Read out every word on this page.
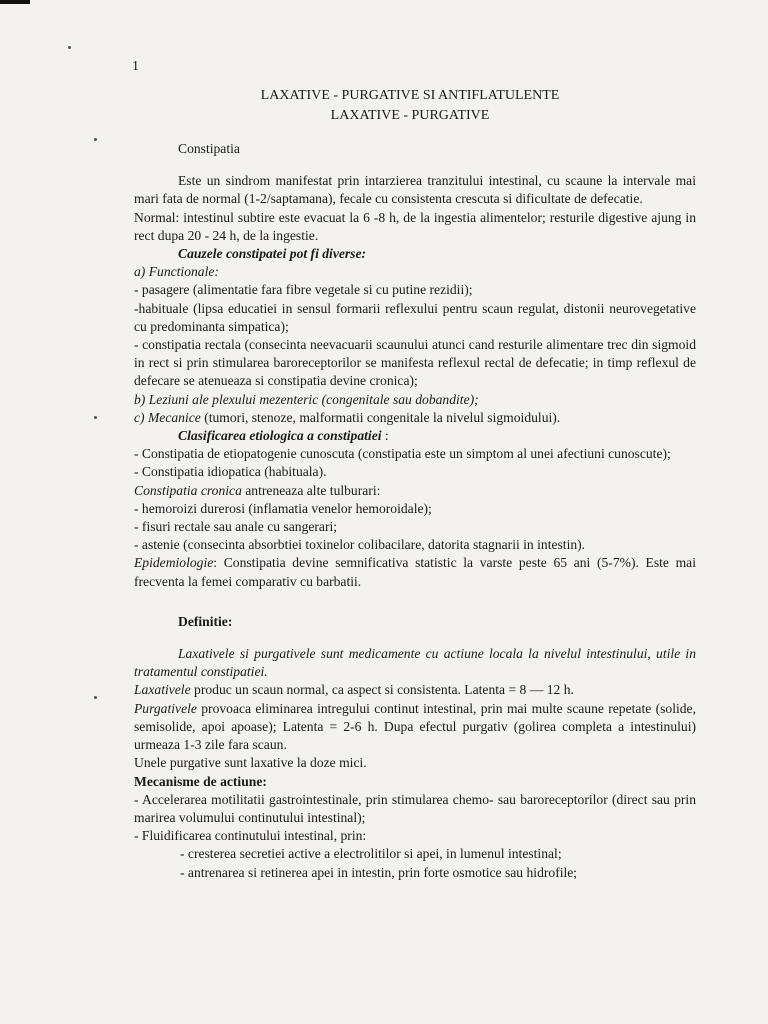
1
LAXATIVE - PURGATIVE SI ANTIFLATULENTE
LAXATIVE - PURGATIVE

Constipatia

Este un sindrom manifestat prin intarzierea tranzitului intestinal, cu scaune la intervale mai mari fata de normal (1-2/saptamana), fecale cu consistenta crescuta si dificultate de defecatie.

Normal: intestinul subtire este evacuat la 6 -8 h, de la ingestia alimentelor; resturile digestive ajung in rect dupa 20 - 24 h, de la ingestie.

Cauzele constipatei pot fi diverse:

a) Functionale:

- pasagere (alimentatie fara fibre vegetale si cu putine rezidii);

-habituale (lipsa educatiei in sensul formarii reflexului pentru scaun regulat, distonii neurovegetative cu predominanta simpatica);

- constipatia rectala (consecinta neevacuarii scaunului atunci cand resturile alimentare trec din sigmoid in rect si prin stimularea baroreceptorilor se manifesta reflexul rectal de defecatie; in timp reflexul de defecare se atenueaza si constipatia devine cronica);

b) Leziuni ale plexului mezenteric (congenitale sau dobandite);

c) Mecanice (tumori, stenoze, malformatii congenitale la nivelul sigmoidului).

Clasificarea etiologica a constipatiei :

- Constipatia de etiopatogenie cunoscuta (constipatia este un simptom al unei afectiuni cunoscute);

- Constipatia idiopatica (habituala).

Constipatia cronica antreneaza alte tulburari:

- hemoroizi durerosi (inflamatia venelor hemoroidale);

- fisuri rectale sau anale cu sangerari;

- astenie (consecinta absorbtiei toxinelor colibacilare, datorita stagnarii in intestin).

Epidemiologie: Constipatia devine semnificativa statistic la varste peste 65 ani (5-7%). Este mai frecventa la femei comparativ cu barbatii.

Definitie:

Laxativele si purgativele sunt medicamente cu actiune locala la nivelul intestinului, utile in tratamentul constipatiei.

Laxativele produc un scaun normal, ca aspect si consistenta. Latenta = 8 — 12 h.

Purgativele provoaca eliminarea intregului continut intestinal, prin mai multe scaune repetate (solide, semisolide, apoi apoase); Latenta = 2-6 h. Dupa efectul purgativ (golirea completa a intestinului) urmeaza 1-3 zile fara scaun.

Unele purgative sunt laxative la doze mici.

Mecanisme de actiune:

- Accelerarea motilitatii gastrointestinale, prin stimularea chemo- sau baroreceptorilor (direct sau prin marirea volumului continutului intestinal);

- Fluidificarea continutului intestinal, prin:

- cresterea secretiei active a electrolitilor si apei, in lumenul intestinal;

- antrenarea si retinerea apei in intestin, prin forte osmotice sau hidrofile;
